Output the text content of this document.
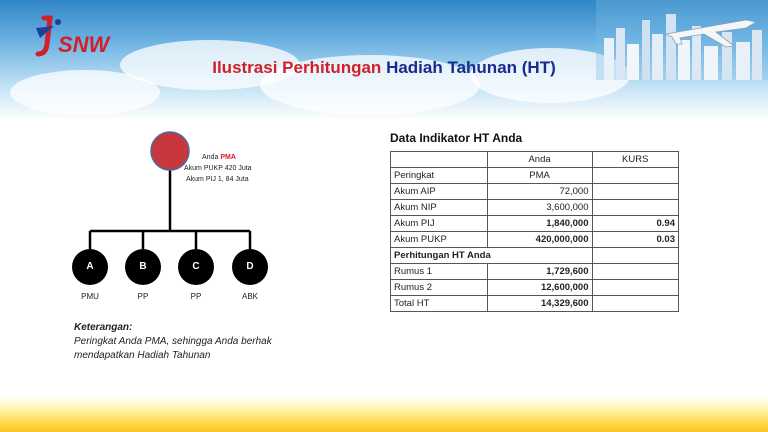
SNW
Ilustrasi Perhitungan Hadiah Tahunan (HT)
Anda PMA
Akum PUKP 420 Juta
Akum PIJ 1, 84 Juta
A	B	C	D
PMU	PP	PP	ABK
Keterangan:
Peringkat Anda PMA, sehingga Anda berhak
mendapatkan Hadiah Tahunan
Data Indikator HT Anda
	Anda	KURS
Peringkat	PMA	
Akum AIP	72,000	
Akum NIP	3,600,000	
Akum PIJ	1,840,000	0.94
Akum PUKP	420,000,000	0.03
Perhitungan HT Anda		
Rumus 1	1,729,600	
Rumus 2	12,600,000	
Total HT	14,329,600	
